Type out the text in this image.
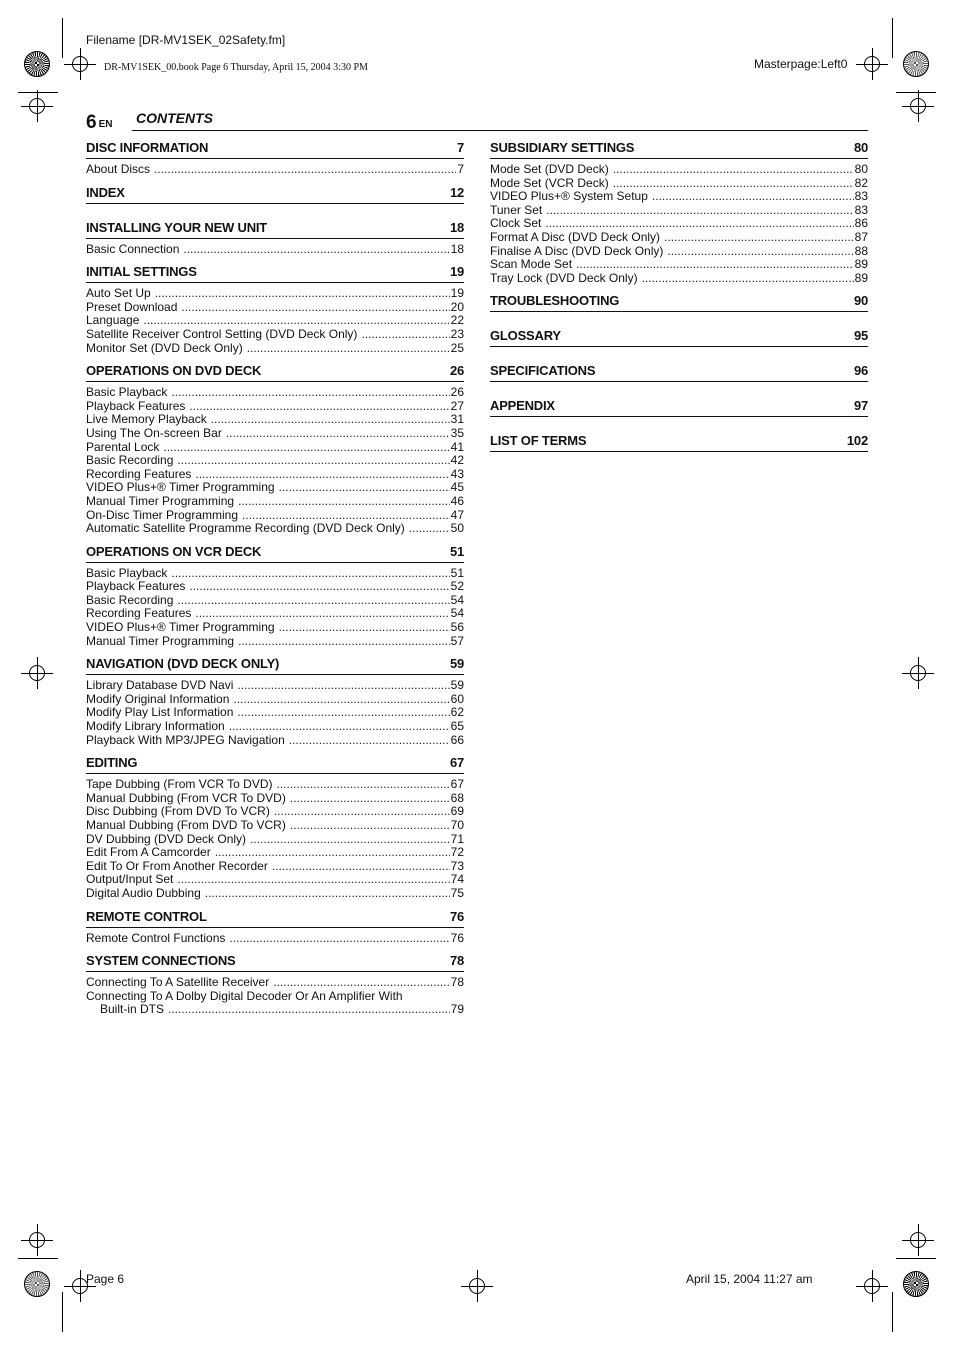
Filename [DR-MV1SEK_02Safety.fm]
DR-MV1SEK_00.book Page 6 Thursday, April 15, 2004 3:30 PM	Masterpage:Left0
6 EN CONTENTS
DISC INFORMATION	7
About Discs .....	7
INDEX	12
INSTALLING YOUR NEW UNIT	18
Basic Connection .....	18
INITIAL SETTINGS	19
Auto Set Up .....	19
Preset Download .....	20
Language .....	22
Satellite Receiver Control Setting (DVD Deck Only) .....	23
Monitor Set (DVD Deck Only) .....	25
OPERATIONS ON DVD DECK	26
Basic Playback .....	26
Playback Features .....	27
Live Memory Playback .....	31
Using The On-screen Bar .....	35
Parental Lock .....	41
Basic Recording .....	42
Recording Features .....	43
VIDEO Plus+® Timer Programming .....	45
Manual Timer Programming .....	46
On-Disc Timer Programming .....	47
Automatic Satellite Programme Recording (DVD Deck Only) .....	50
OPERATIONS ON VCR DECK	51
Basic Playback .....	51
Playback Features .....	52
Basic Recording .....	54
Recording Features .....	54
VIDEO Plus+® Timer Programming .....	56
Manual Timer Programming .....	57
NAVIGATION (DVD DECK ONLY)	59
Library Database DVD Navi .....	59
Modify Original Information .....	60
Modify Play List Information .....	62
Modify Library Information .....	65
Playback With MP3/JPEG Navigation .....	66
EDITING	67
Tape Dubbing (From VCR To DVD) .....	67
Manual Dubbing (From VCR To DVD) .....	68
Disc Dubbing (From DVD To VCR) .....	69
Manual Dubbing (From DVD To VCR) .....	70
DV Dubbing (DVD Deck Only) .....	71
Edit From A Camcorder .....	72
Edit To Or From Another Recorder .....	73
Output/Input Set .....	74
Digital Audio Dubbing .....	75
REMOTE CONTROL	76
Remote Control Functions .....	76
SYSTEM CONNECTIONS	78
Connecting To A Satellite Receiver .....	78
Connecting To A Dolby Digital Decoder Or An Amplifier With
Built-in DTS .....	79
SUBSIDIARY SETTINGS	80
Mode Set (DVD Deck) .....	80
Mode Set (VCR Deck) .....	82
VIDEO Plus+® System Setup .....	83
Tuner Set .....	83
Clock Set .....	86
Format A Disc (DVD Deck Only) .....	87
Finalise A Disc (DVD Deck Only) .....	88
Scan Mode Set .....	89
Tray Lock (DVD Deck Only) .....	89
TROUBLESHOOTING	90
GLOSSARY	95
SPECIFICATIONS	96
APPENDIX	97
LIST OF TERMS	102
Page 6	April 15, 2004 11:27 am
